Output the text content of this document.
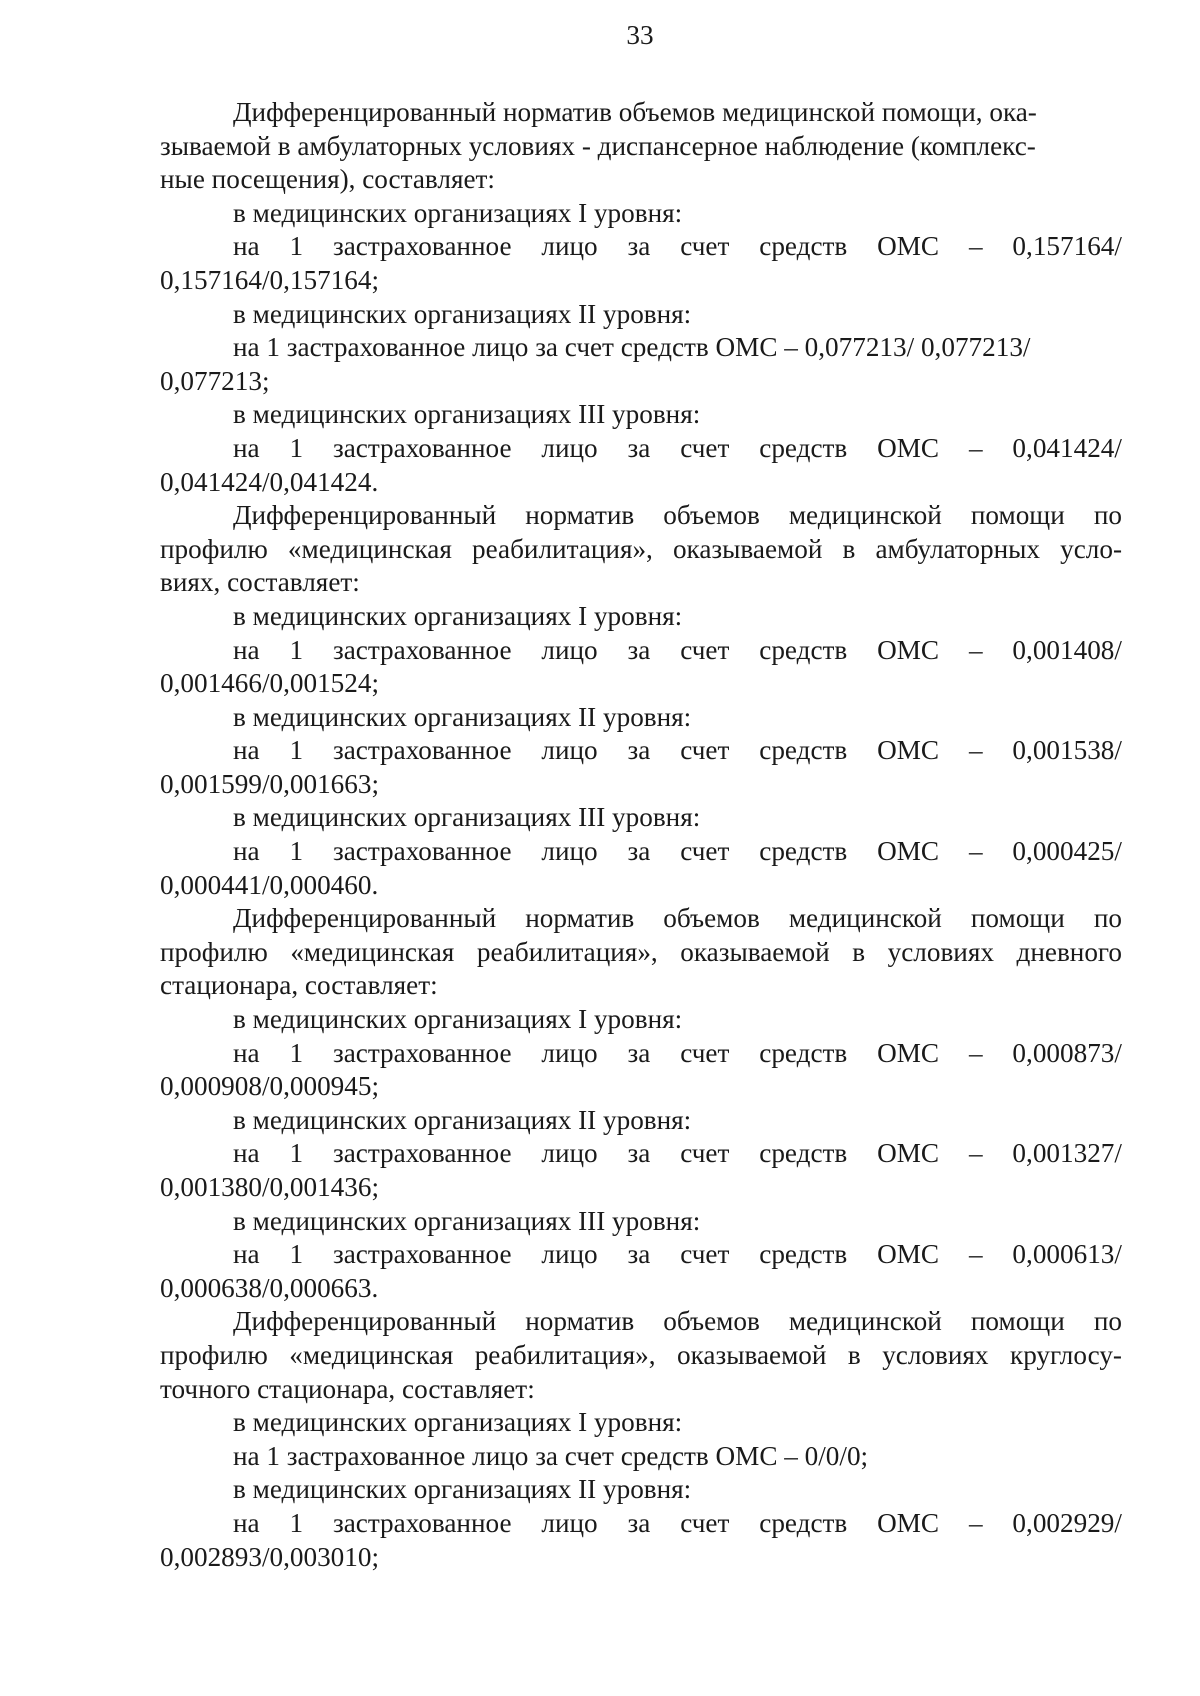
33
Дифференцированный норматив объемов медицинской помощи, ока-
зываемой в амбулаторных условиях - диспансерное наблюдение (комплекс-
ные посещения), составляет:
в медицинских организациях I уровня:
на 1 застрахованное лицо за счет средств ОМС – 0,157164/
0,157164/0,157164;
в медицинских организациях II уровня:
на 1 застрахованное лицо за счет средств ОМС – 0,077213/ 0,077213/
0,077213;
в медицинских организациях III уровня:
на 1 застрахованное лицо за счет средств ОМС – 0,041424/
0,041424/0,041424.
Дифференцированный норматив объемов медицинской помощи по
профилю «медицинская реабилитация», оказываемой в амбулаторных усло-
виях, составляет:
в медицинских организациях I уровня:
на 1 застрахованное лицо за счет средств ОМС – 0,001408/
0,001466/0,001524;
в медицинских организациях II уровня:
на 1 застрахованное лицо за счет средств ОМС – 0,001538/
0,001599/0,001663;
в медицинских организациях III уровня:
на 1 застрахованное лицо за счет средств ОМС – 0,000425/
0,000441/0,000460.
Дифференцированный норматив объемов медицинской помощи по
профилю «медицинская реабилитация», оказываемой в условиях дневного
стационара, составляет:
в медицинских организациях I уровня:
на 1 застрахованное лицо за счет средств ОМС – 0,000873/
0,000908/0,000945;
в медицинских организациях II уровня:
на 1 застрахованное лицо за счет средств ОМС – 0,001327/
0,001380/0,001436;
в медицинских организациях III уровня:
на 1 застрахованное лицо за счет средств ОМС – 0,000613/
0,000638/0,000663.
Дифференцированный норматив объемов медицинской помощи по
профилю «медицинская реабилитация», оказываемой в условиях круглосу-
точного стационара, составляет:
в медицинских организациях I уровня:
на 1 застрахованное лицо за счет средств ОМС – 0/0/0;
в медицинских организациях II уровня:
на 1 застрахованное лицо за счет средств ОМС – 0,002929/
0,002893/0,003010;
